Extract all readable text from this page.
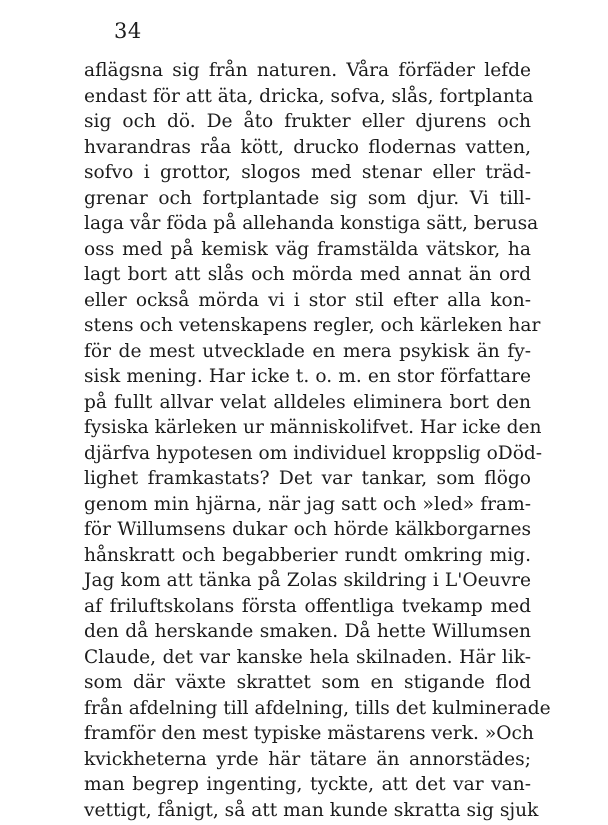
34
aflägsna sig från naturen. Våra förfäder lefde
endast för att äta, dricka, sofva, slås, fortplanta
sig och dö. De åto frukter eller djurens och
hvarandras råa kött, drucko flodernas vatten,
sofvo i grottor, slogos med stenar eller träd-
grenar och fortplantade sig som djur. Vi till-
laga vår föda på allehanda konstiga sätt, berusa
oss med på kemisk väg framstälda vätskor, ha
lagt bort att slås och mörda med annat än ord
eller också mörda vi i stor stil efter alla kon-
stens och vetenskapens regler, och kärleken har
för de mest utvecklade en mera psykisk än fy-
sisk mening. Har icke t. o. m. en stor författare
på fullt allvar velat alldeles eliminera bort den
fysiska kärleken ur människolifvet. Har icke den
djärfva hypotesen om individuel kroppslig oDöd-
lighet framkastats? Det var tankar, som flögo
genom min hjärna, när jag satt och »led» fram-
för Willumsens dukar och hörde kälkborgarnes
hånskratt och begabberier rundt omkring mig.
Jag kom att tänka på Zolas skildring i L'Oeuvre
af friluftskolans första offentliga tvekamp med
den då herskande smaken. Då hette Willumsen
Claude, det var kanske hela skilnaden. Här lik-
som där växte skrattet som en stigande flod
från afdelning till afdelning, tills det kulminerade
framför den mest typiske mästarens verk. »Och
kvickheterna yrde här tätare än annorstädes;
man begrep ingenting, tyckte, att det var van-
vettigt, fånigt, så att man kunde skratta sig sjuk
